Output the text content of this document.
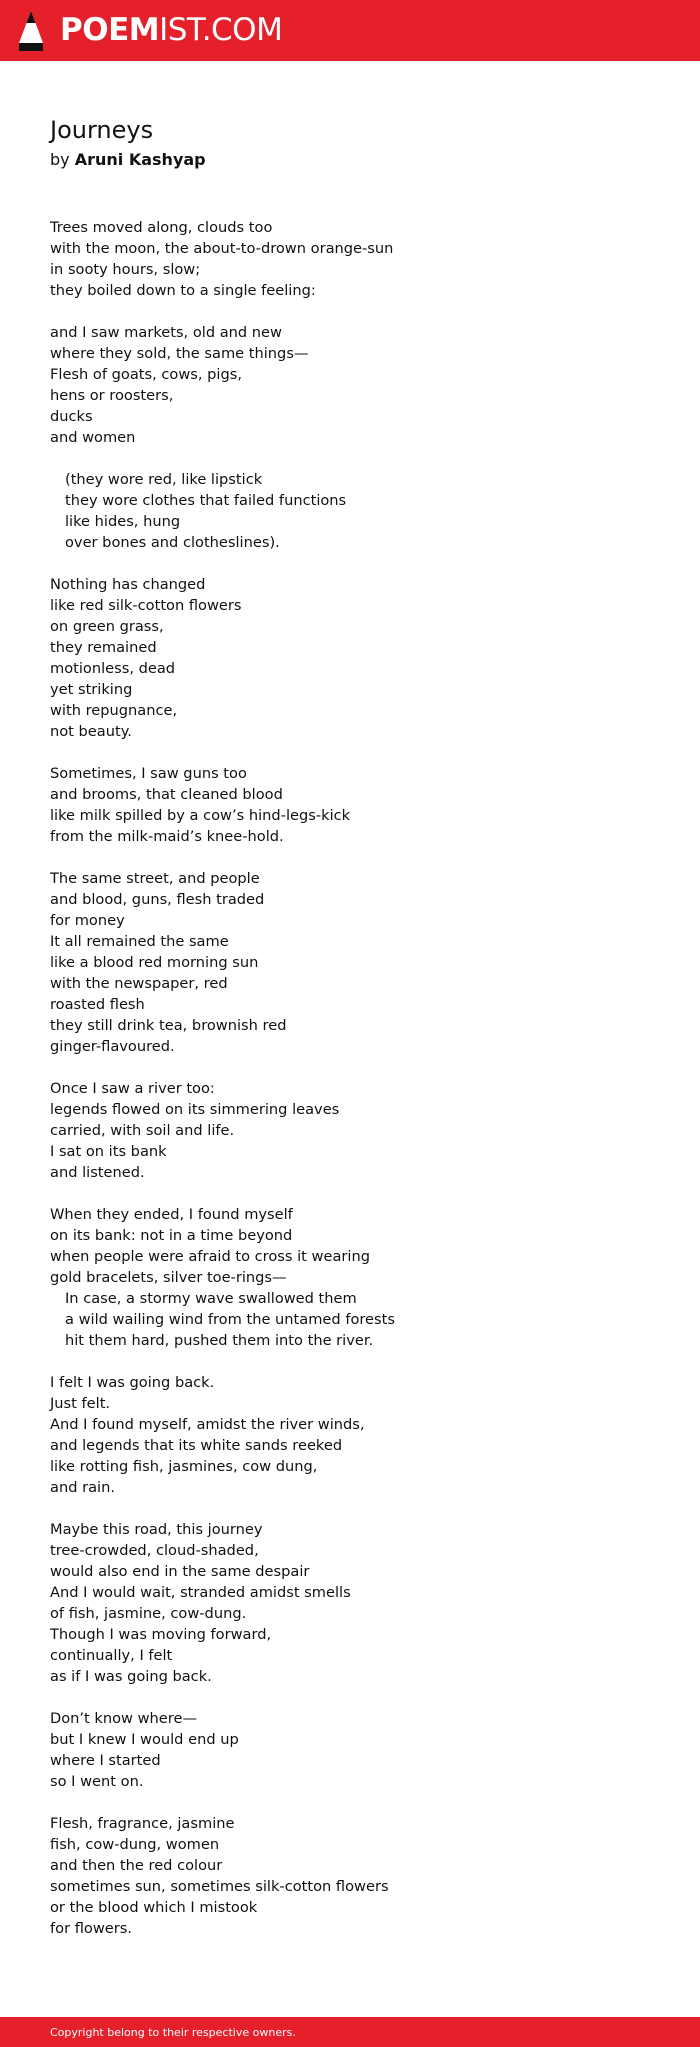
POEMIST.COM
Journeys

by Aruni Kashyap

Trees moved along, clouds too
with the moon, the about-to-drown orange-sun
in sooty hours, slow;
they boiled down to a single feeling:
and I saw markets, old and new
where they sold, the same things—
Flesh of goats, cows, pigs,
hens or roosters,
ducks
and women
(they wore red, like lipstick
they wore clothes that failed functions
like hides, hung
over bones and clotheslines).
Nothing has changed
like red silk-cotton flowers
on green grass,
they remained
motionless, dead
yet striking
with repugnance,
not beauty.
Sometimes, I saw guns too
and brooms, that cleaned blood
like milk spilled by a cow’s hind-legs-kick
from the milk-maid’s knee-hold.
The same street, and people
and blood, guns, flesh traded
for money
It all remained the same
like a blood red morning sun
with the newspaper, red
roasted flesh
they still drink tea, brownish red
ginger-flavoured.
Once I saw a river too:
legends flowed on its simmering leaves
carried, with soil and life.
I sat on its bank
and listened.
When they ended, I found myself
on its bank: not in a time beyond
when people were afraid to cross it wearing
gold bracelets, silver toe-rings—
In case, a stormy wave swallowed them
a wild wailing wind from the untamed forests
hit them hard, pushed them into the river.
I felt I was going back.
Just felt.
And I found myself, amidst the river winds,
and legends that its white sands reeked
like rotting fish, jasmines, cow dung,
and rain.
Maybe this road, this journey
tree-crowded, cloud-shaded,
would also end in the same despair
And I would wait, stranded amidst smells
of fish, jasmine, cow-dung.
Though I was moving forward,
continually, I felt
as if I was going back.
Don’t know where—
but I knew I would end up
where I started
so I went on.
Flesh, fragrance, jasmine
fish, cow-dung, women
and then the red colour
sometimes sun, sometimes silk-cotton flowers
or the blood which I mistook
for flowers.
Copyright belong to their respective owners.
